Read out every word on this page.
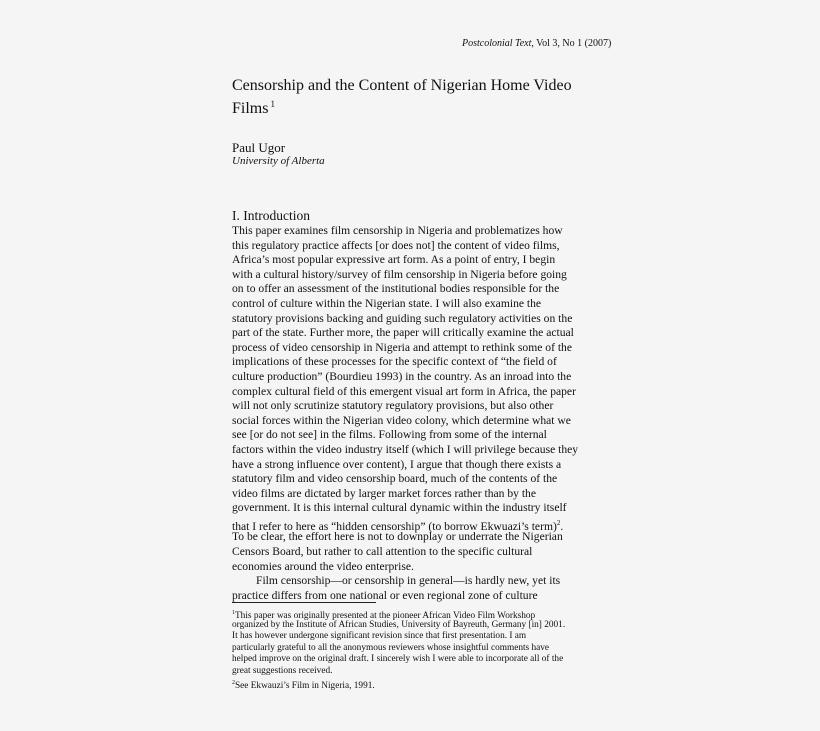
Postcolonial Text, Vol 3, No 1 (2007)
Censorship and the Content of Nigerian Home Video Films $^1$
Paul Ugor
University of Alberta
I. Introduction
This paper examines film censorship in Nigeria and problematizes how
this regulatory practice affects [or does not] the content of video films,
Africa’s most popular expressive art form. As a point of entry, I begin
with a cultural history/survey of film censorship in Nigeria before going
on to offer an assessment of the institutional bodies responsible for the
control of culture within the Nigerian state. I will also examine the
statutory provisions backing and guiding such regulatory activities on the
part of the state. Further more, the paper will critically examine the actual
process of video censorship in Nigeria and attempt to rethink some of the
implications of these processes for the specific context of “the field of
culture production” (Bourdieu 1993) in the country. As an inroad into the
complex cultural field of this emergent visual art form in Africa, the paper
will not only scrutinize statutory regulatory provisions, but also other
social forces within the Nigerian video colony, which determine what we
see [or do not see] in the films. Following from some of the internal
factors within the video industry itself (which I will privilege because they
have a strong influence over content), I argue that though there exists a
statutory film and video censorship board, much of the contents of the
video films are dictated by larger market forces rather than by the
government. It is this internal cultural dynamic within the industry itself
that I refer to here as “hidden censorship” (to borrow Ekwuazi’s term)$^2$.
To be clear, the effort here is not to downplay or underrate the Nigerian
Censors Board, but rather to call attention to the specific cultural
economies around the video enterprise.
Film censorship—or censorship in general—is hardly new, yet its
practice differs from one national or even regional zone of culture
$^1$This paper was originally presented at the pioneer African Video Film Workshop
organized by the Institute of African Studies, University of Bayreuth, Germany [in] 2001.
It has however undergone significant revision since that first presentation. I am
particularly grateful to all the anonymous reviewers whose insightful comments have
helped improve on the original draft. I sincerely wish I were able to incorporate all of the
great suggestions received.
$^2$See Ekwauzi’s Film in Nigeria, 1991.
